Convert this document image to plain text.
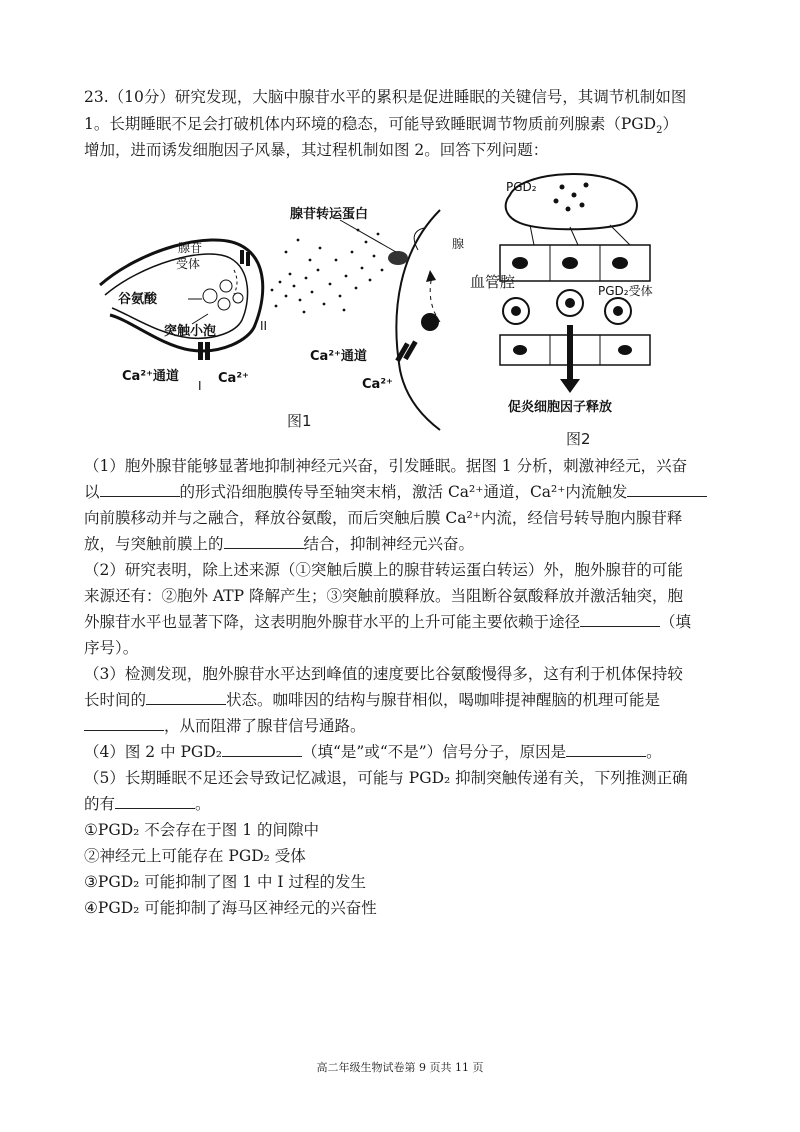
23.（10分）研究发现，大脑中腺苷水平的累积是促进睡眠的关键信号，其调节机制如图
1。长期睡眠不足会打破机体内环境的稳态，可能导致睡眠调节物质前列腺素$(PGD_2)$
增加，进而诱发细胞因子风暴，其过程机制如图 2。回答下列问题：
腺苷转运蛋白
腺苷
受体
谷氨酸
突触小泡	II
I
Ca²⁺通道	Ca²⁺
Ca²⁺通道
Ca²⁺
腺
图1
PGD₂
血管腔	PGD₂受体
促炎细胞因子释放
图2
（1）胞外腺苷能够显著地抑制神经元兴奋，引发睡眠。据图 1 分析，刺激神经元，兴奋
以	的形式沿细胞膜传导至轴突末梢，激活 Ca²⁺通道，Ca²⁺内流触发
向前膜移动并与之融合，释放谷氨酸，而后突触后膜 Ca²⁺内流，经信号转导胞内腺苷释
放，与突触前膜上的	结合，抑制神经元兴奋。
（2）研究表明，除上述来源（①突触后膜上的腺苷转运蛋白转运）外，胞外腺苷的可能
来源还有：②胞外 ATP 降解产生；③突触前膜释放。当阻断谷氨酸释放并激活轴突，胞
外腺苷水平也显著下降，这表明胞外腺苷水平的上升可能主要依赖于途径	（填
序号）。
（3）检测发现，胞外腺苷水平达到峰值的速度要比谷氨酸慢得多，这有利于机体保持较
长时间的	状态。咖啡因的结构与腺苷相似，喝咖啡提神醒脑的机理可能是
，从而阻滞了腺苷信号通路。
（4）图 2 中 PGD₂	（填“是”或“不是”）信号分子，原因是	。
（5）长期睡眠不足还会导致记忆减退，可能与 PGD₂ 抑制突触传递有关，下列推测正确
的有	。
①PGD₂ 不会存在于图 1 的间隙中
②神经元上可能存在 PGD₂ 受体
③PGD₂ 可能抑制了图 1 中 I 过程的发生
④PGD₂ 可能抑制了海马区神经元的兴奋性
高二年级生物试卷第 9 页共 11 页
